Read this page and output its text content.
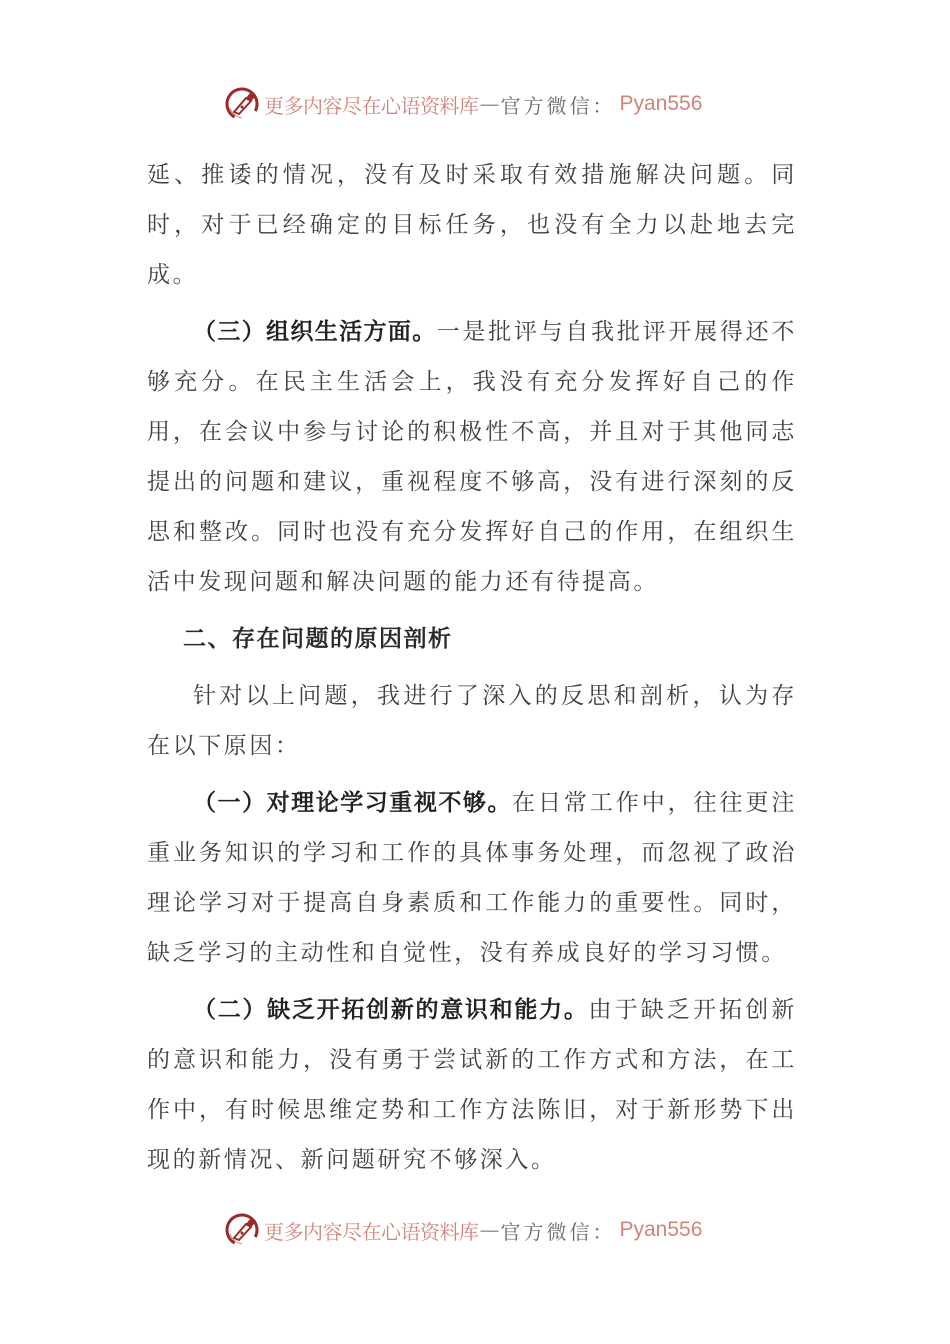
更多内容尽在心语资料库 — 官方微信： Pyan556

延、推诿的情况，没有及时采取有效措施解决问题。同时，对于已经确定的目标任务，也没有全力以赴地去完成。

（三）组织生活方面。一是批评与自我批评开展得还不够充分。在民主生活会上，我没有充分发挥好自己的作用，在会议中参与讨论的积极性不高，并且对于其他同志提出的问题和建议，重视程度不够高，没有进行深刻的反思和整改。同时也没有充分发挥好自己的作用，在组织生活中发现问题和解决问题的能力还有待提高。

二、存在问题的原因剖析

针对以上问题，我进行了深入的反思和剖析，认为存在以下原因：

（一）对理论学习重视不够。在日常工作中，往往更注重业务知识的学习和工作的具体事务处理，而忽视了政治理论学习对于提高自身素质和工作能力的重要性。同时，缺乏学习的主动性和自觉性，没有养成良好的学习习惯。

（二）缺乏开拓创新的意识和能力。由于缺乏开拓创新的意识和能力，没有勇于尝试新的工作方式和方法，在工作中，有时候思维定势和工作方法陈旧，对于新形势下出现的新情况、新问题研究不够深入。

更多内容尽在心语资料库 — 官方微信： Pyan556
